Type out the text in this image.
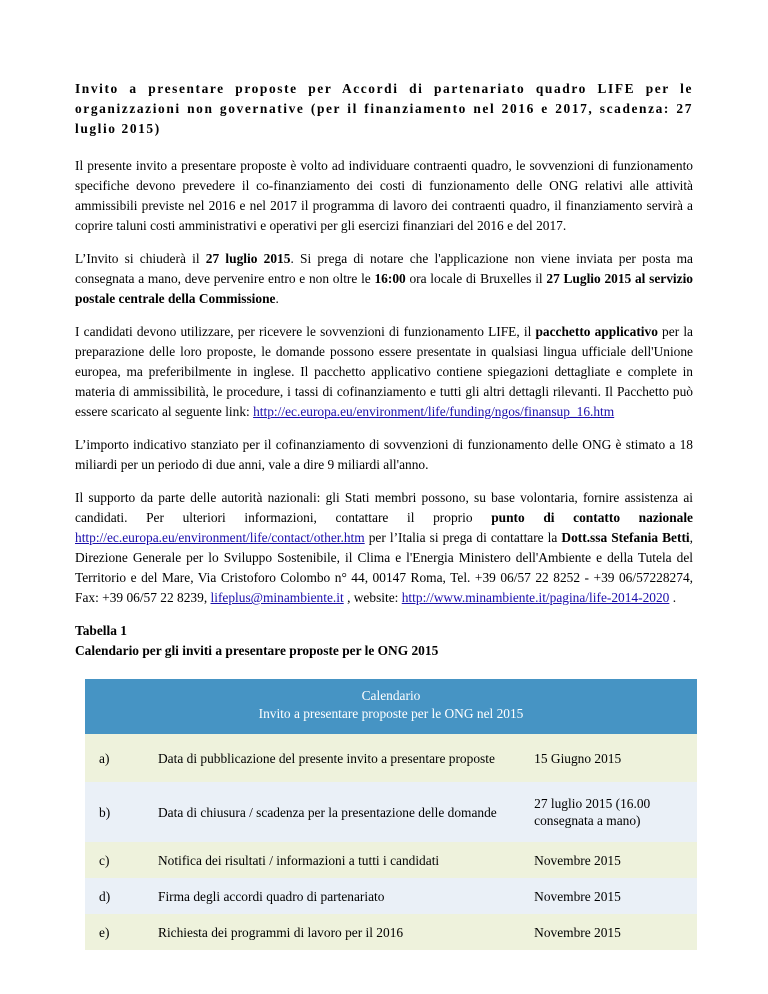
Invito a presentare proposte per Accordi di partenariato quadro LIFE per le organizzazioni non governative (per il finanziamento nel 2016 e 2017, scadenza: 27 luglio 2015)

Il presente invito a presentare proposte è volto ad individuare contraenti quadro, le sovvenzioni di funzionamento specifiche devono prevedere il co-finanziamento dei costi di funzionamento delle ONG relativi alle attività ammissibili previste nel 2016 e nel 2017 il programma di lavoro dei contraenti quadro, il finanziamento servirà a coprire taluni costi amministrativi e operativi per gli esercizi finanziari del 2016 e del 2017.

L’Invito si chiuderà il 27 luglio 2015. Si prega di notare che l'applicazione non viene inviata per posta ma consegnata a mano, deve pervenire entro e non oltre le 16:00 ora locale di Bruxelles il 27 Luglio 2015 al servizio postale centrale della Commissione.

I candidati devono utilizzare, per ricevere le sovvenzioni di funzionamento LIFE, il pacchetto applicativo per la preparazione delle loro proposte, le domande possono essere presentate in qualsiasi lingua ufficiale dell'Unione europea, ma preferibilmente in inglese. Il pacchetto applicativo contiene spiegazioni dettagliate e complete in materia di ammissibilità, le procedure, i tassi di cofinanziamento e tutti gli altri dettagli rilevanti. Il Pacchetto può essere scaricato al seguente link: http://ec.europa.eu/environment/life/funding/ngos/finansup_16.htm

L’importo indicativo stanziato per il cofinanziamento di sovvenzioni di funzionamento delle ONG è stimato a 18 miliardi per un periodo di due anni, vale a dire 9 miliardi all'anno.

Il supporto da parte delle autorità nazionali: gli Stati membri possono, su base volontaria, fornire assistenza ai candidati. Per ulteriori informazioni, contattare il proprio punto di contatto nazionale http://ec.europa.eu/environment/life/contact/other.htm per l’Italia si prega di contattare la Dott.ssa Stefania Betti, Direzione Generale per lo Sviluppo Sostenibile, il Clima e l'Energia Ministero dell'Ambiente e della Tutela del Territorio e del Mare, Via Cristoforo Colombo n° 44, 00147 Roma, Tel. +39 06/57 22 8252 - +39 06/57228274, Fax: +39 06/57 22 8239, lifeplus@minambiente.it , website: http://www.minambiente.it/pagina/life-2014-2020 .

Tabella 1
Calendario per gli inviti a presentare proposte per le ONG 2015
Calendario
Invito a presentare proposte per le ONG nel 2015		

a)	Data di pubblicazione del presente invito a presentare proposte	15 Giugno 2015
b)	Data di chiusura / scadenza per la presentazione delle domande	27 luglio 2015 (16.00 consegnata a mano)
c)	Notifica dei risultati / informazioni a tutti i candidati	Novembre 2015
d)	Firma degli accordi quadro di partenariato	Novembre 2015
e)	Richiesta dei programmi di lavoro per il 2016	Novembre 2015
